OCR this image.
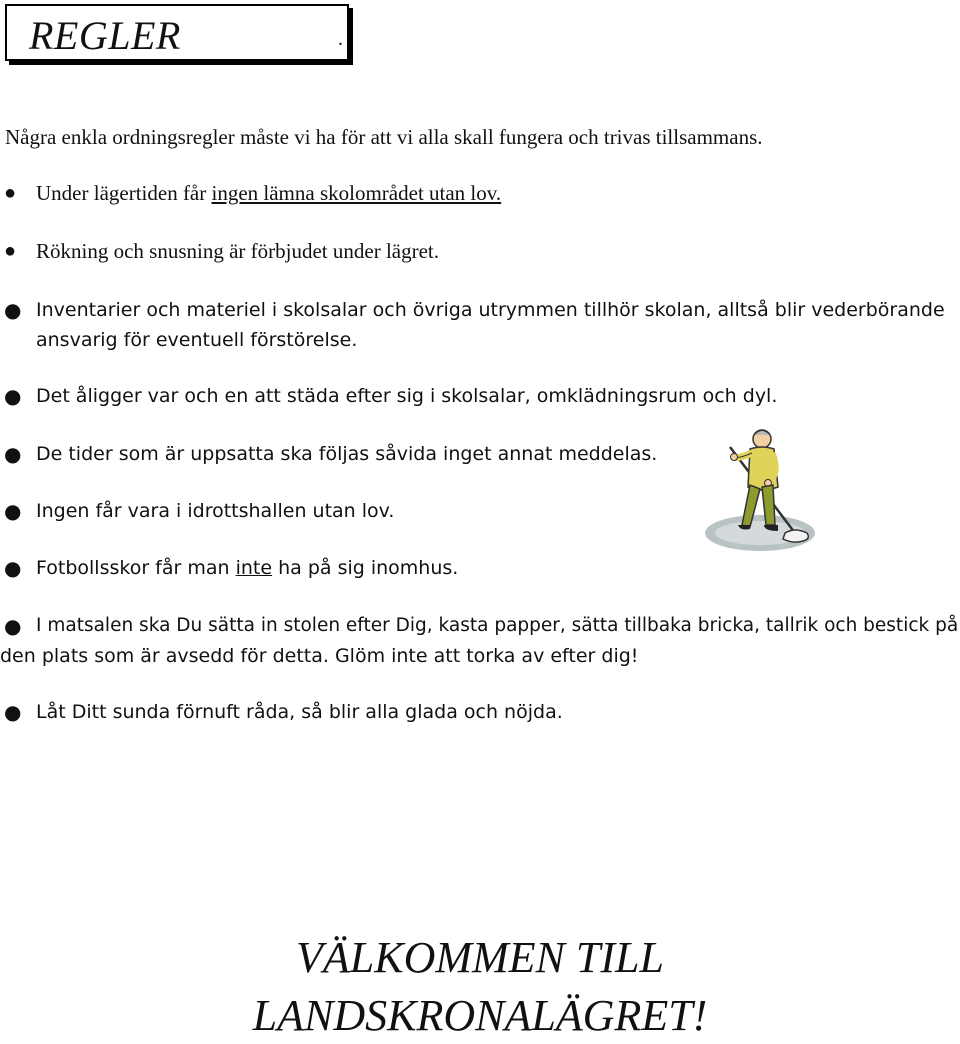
REGLER	.
Några enkla ordningsregler måste vi ha för att vi alla skall fungera och trivas tillsammans.
● Under lägertiden får ingen lämna skolområdet utan lov.
● Rökning och snusning är förbjudet under lägret.
● Inventarier och materiel i skolsalar och övriga utrymmen tillhör skolan, alltså blir vederbörande
ansvarig för eventuell förstörelse.
● Det åligger var och en att städa efter sig i skolsalar, omklädningsrum och dyl.
● De tider som är uppsatta ska följas såvida inget annat meddelas.
● Ingen får vara i idrottshallen utan lov.
● Fotbollsskor får man inte ha på sig inomhus.
● I matsalen ska Du sätta in stolen efter Dig, kasta papper, sätta tillbaka bricka, tallrik och bestick på
den plats som är avsedd för detta. Glöm inte att torka av efter dig!
● Låt Ditt sunda förnuft råda, så blir alla glada och nöjda.
VÄLKOMMEN TILL
LANDSKRONALÄGRET!
